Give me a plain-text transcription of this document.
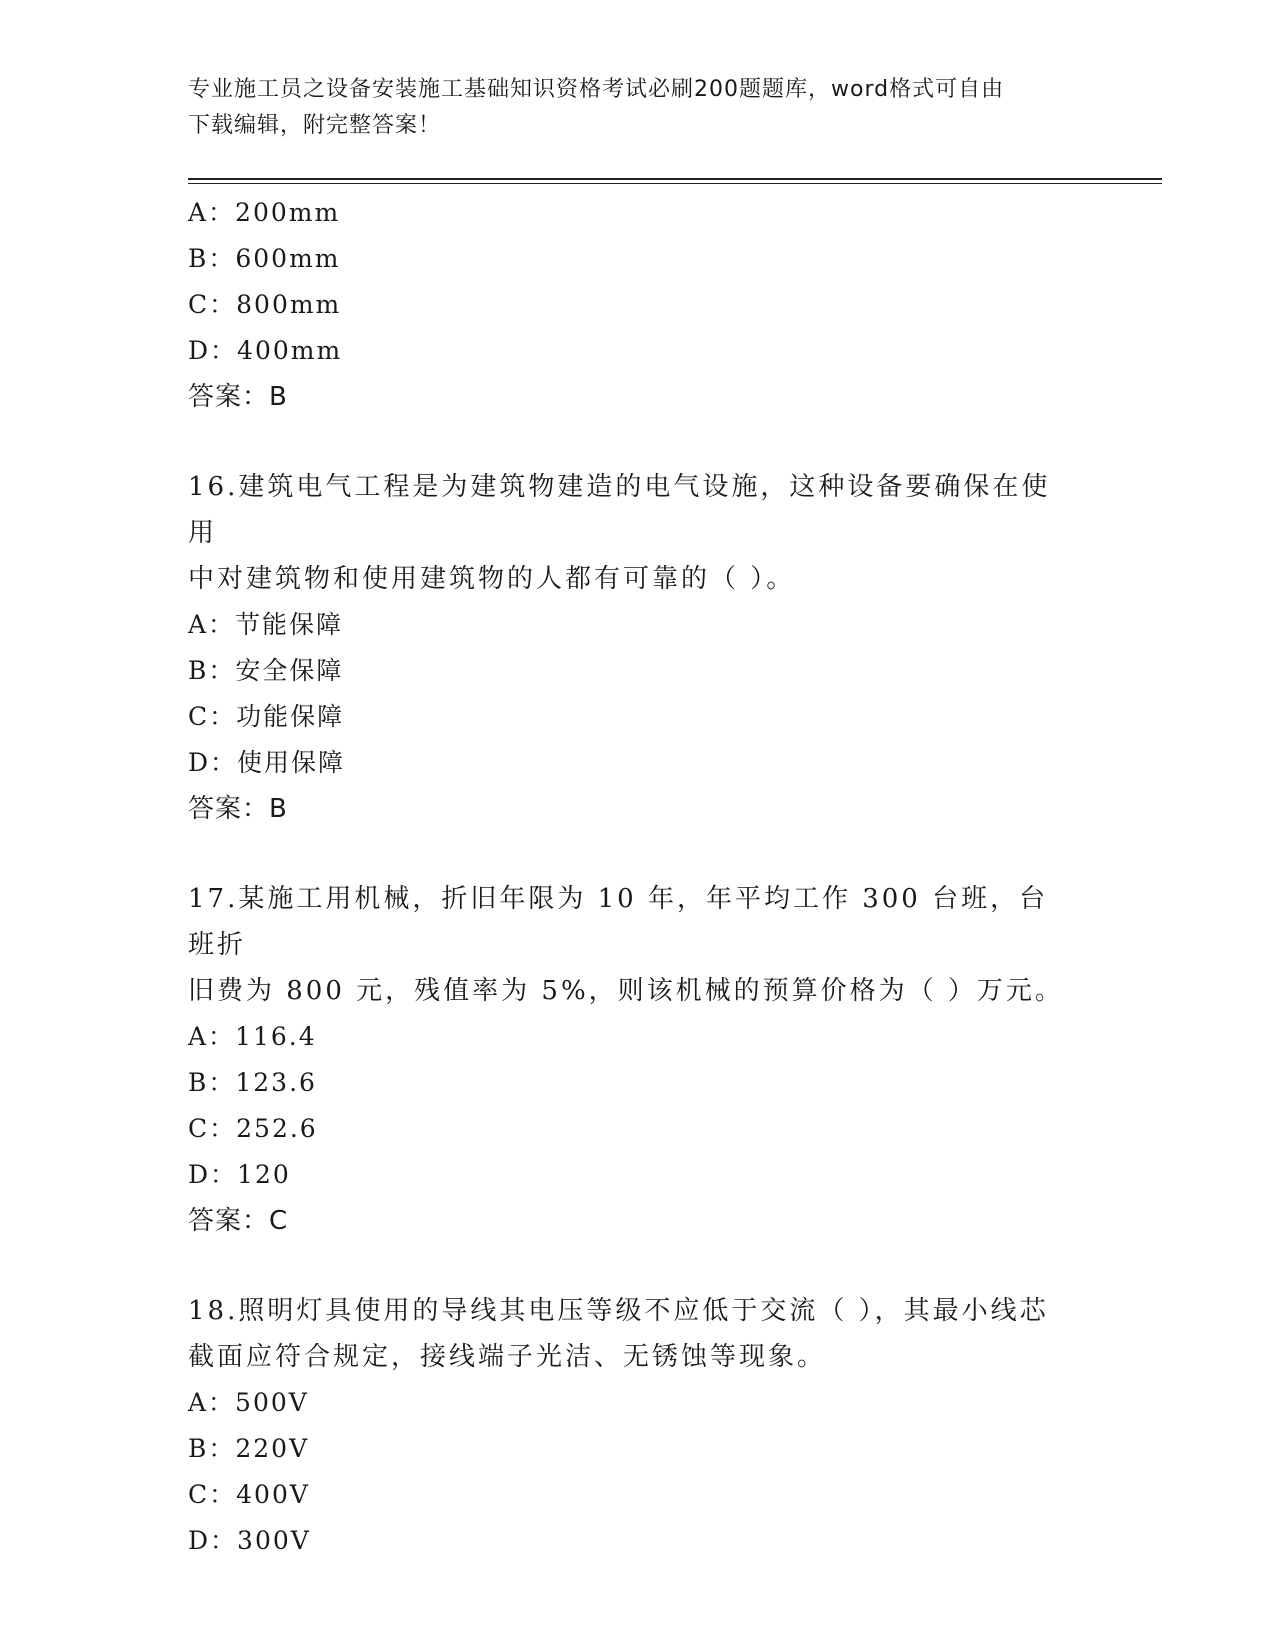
专业施工员之设备安装施工基础知识资格考试必刷200题题库，word格式可自由
下载编辑，附完整答案！
A：200mm
B：600mm
C：800mm
D：400mm
答案：B
16.建筑电气工程是为建筑物建造的电气设施，这种设备要确保在使用
中对建筑物和使用建筑物的人都有可靠的（ ）。
A：节能保障
B：安全保障
C：功能保障
D：使用保障
答案：B
17.某施工用机械，折旧年限为 10 年，年平均工作 300 台班，台班折
旧费为 800 元，残值率为 5%，则该机械的预算价格为（ ）万元。
A：116.4
B：123.6
C：252.6
D：120
答案：C
18.照明灯具使用的导线其电压等级不应低于交流（ ），其最小线芯
截面应符合规定，接线端子光洁、无锈蚀等现象。
A：500V
B：220V
C：400V
D：300V
